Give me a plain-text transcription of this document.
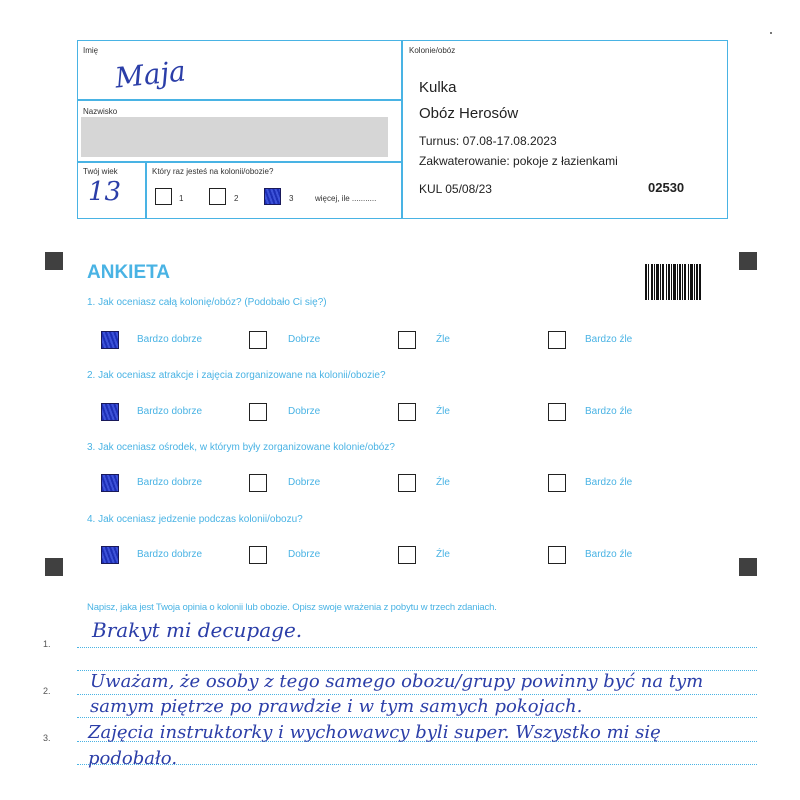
Imię
Maja
Nazwisko
Twój wiek
13
Który raz jesteś na kolonii/obozie?
1	2	3	więcej, ile ...........
Kolonie/obóz
Kulka
Obóz Herosów
Turnus: 07.08-17.08.2023
Zakwaterowanie: pokoje z łazienkami
KUL 05/08/23	02530
ANKIETA
1. Jak oceniasz całą kolonię/obóz? (Podobało Ci się?)
Bardzo dobrze	Dobrze	Źle	Bardzo źle
2. Jak oceniasz atrakcje i zajęcia zorganizowane na kolonii/obozie?
Bardzo dobrze	Dobrze	Źle	Bardzo źle
3. Jak oceniasz ośrodek, w którym były zorganizowane kolonie/obóz?
Bardzo dobrze	Dobrze	Źle	Bardzo źle
4. Jak oceniasz jedzenie podczas kolonii/obozu?
Bardzo dobrze	Dobrze	Źle	Bardzo źle
Napisz, jaka jest Twoja opinia o kolonii lub obozie. Opisz swoje wrażenia z pobytu w trzech zdaniach.
1.
2.
3.
Brakyt mi decupage.
Uważam, że osoby z tego samego obozu/grupy powinny być na tym
samym piętrze po prawdzie i w tym samych pokojach.
Zajęcia instruktorky i wychowawcy byli super. Wszystko mi się
podobało.
